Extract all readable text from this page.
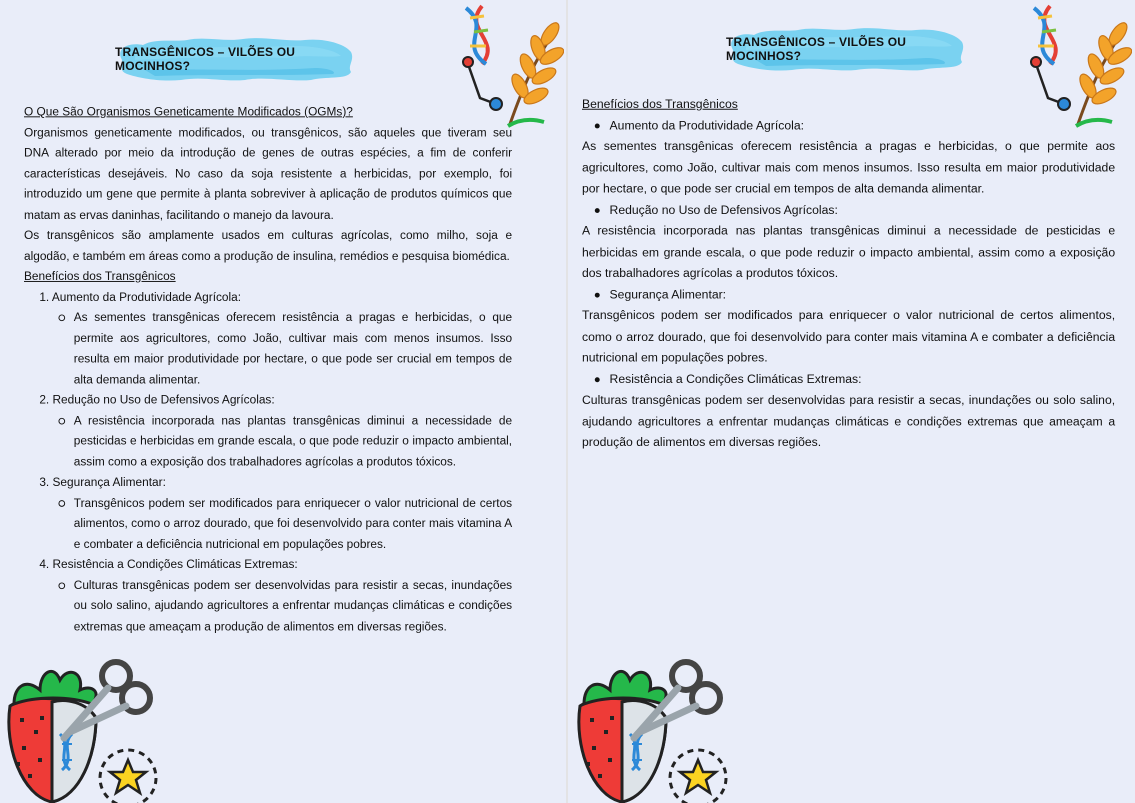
TRANSGÊNICOS – VILÕES OU MOCINHOS?

O Que São Organismos Geneticamente Modificados (OGMs)?

Organismos geneticamente modificados, ou transgênicos, são aqueles que tiveram seu DNA alterado por meio da introdução de genes de outras espécies, a fim de conferir características desejáveis. No caso da soja resistente a herbicidas, por exemplo, foi introduzido um gene que permite à planta sobreviver à aplicação de produtos químicos que matam as ervas daninhas, facilitando o manejo da lavoura.

Os transgênicos são amplamente usados em culturas agrícolas, como milho, soja e algodão, e também em áreas como a produção de insulina, remédios e pesquisa biomédica.

Benefícios dos Transgênicos

1. Aumento da Produtividade Agrícola:

As sementes transgênicas oferecem resistência a pragas e herbicidas, o que permite aos agricultores, como João, cultivar mais com menos insumos. Isso resulta em maior produtividade por hectare, o que pode ser crucial em tempos de alta demanda alimentar.

2. Redução no Uso de Defensivos Agrícolas:

A resistência incorporada nas plantas transgênicas diminui a necessidade de pesticidas e herbicidas em grande escala, o que pode reduzir o impacto ambiental, assim como a exposição dos trabalhadores agrícolas a produtos tóxicos.

3. Segurança Alimentar:

Transgênicos podem ser modificados para enriquecer o valor nutricional de certos alimentos, como o arroz dourado, que foi desenvolvido para conter mais vitamina A e combater a deficiência nutricional em populações pobres.

4. Resistência a Condições Climáticas Extremas:

Culturas transgênicas podem ser desenvolvidas para resistir a secas, inundações ou solo salino, ajudando agricultores a enfrentar mudanças climáticas e condições extremas que ameaçam a produção de alimentos em diversas regiões.

TRANSGÊNICOS – VILÕES OU MOCINHOS?

Benefícios dos Transgênicos

Aumento da Produtividade Agrícola:

As sementes transgênicas oferecem resistência a pragas e herbicidas, o que permite aos agricultores, como João, cultivar mais com menos insumos. Isso resulta em maior produtividade por hectare, o que pode ser crucial em tempos de alta demanda alimentar.

Redução no Uso de Defensivos Agrícolas:

A resistência incorporada nas plantas transgênicas diminui a necessidade de pesticidas e herbicidas em grande escala, o que pode reduzir o impacto ambiental, assim como a exposição dos trabalhadores agrícolas a produtos tóxicos.

Segurança Alimentar:

Transgênicos podem ser modificados para enriquecer o valor nutricional de certos alimentos, como o arroz dourado, que foi desenvolvido para conter mais vitamina A e combater a deficiência nutricional em populações pobres.

Resistência a Condições Climáticas Extremas:

Culturas transgênicas podem ser desenvolvidas para resistir a secas, inundações ou solo salino, ajudando agricultores a enfrentar mudanças climáticas e condições extremas que ameaçam a produção de alimentos em diversas regiões.
